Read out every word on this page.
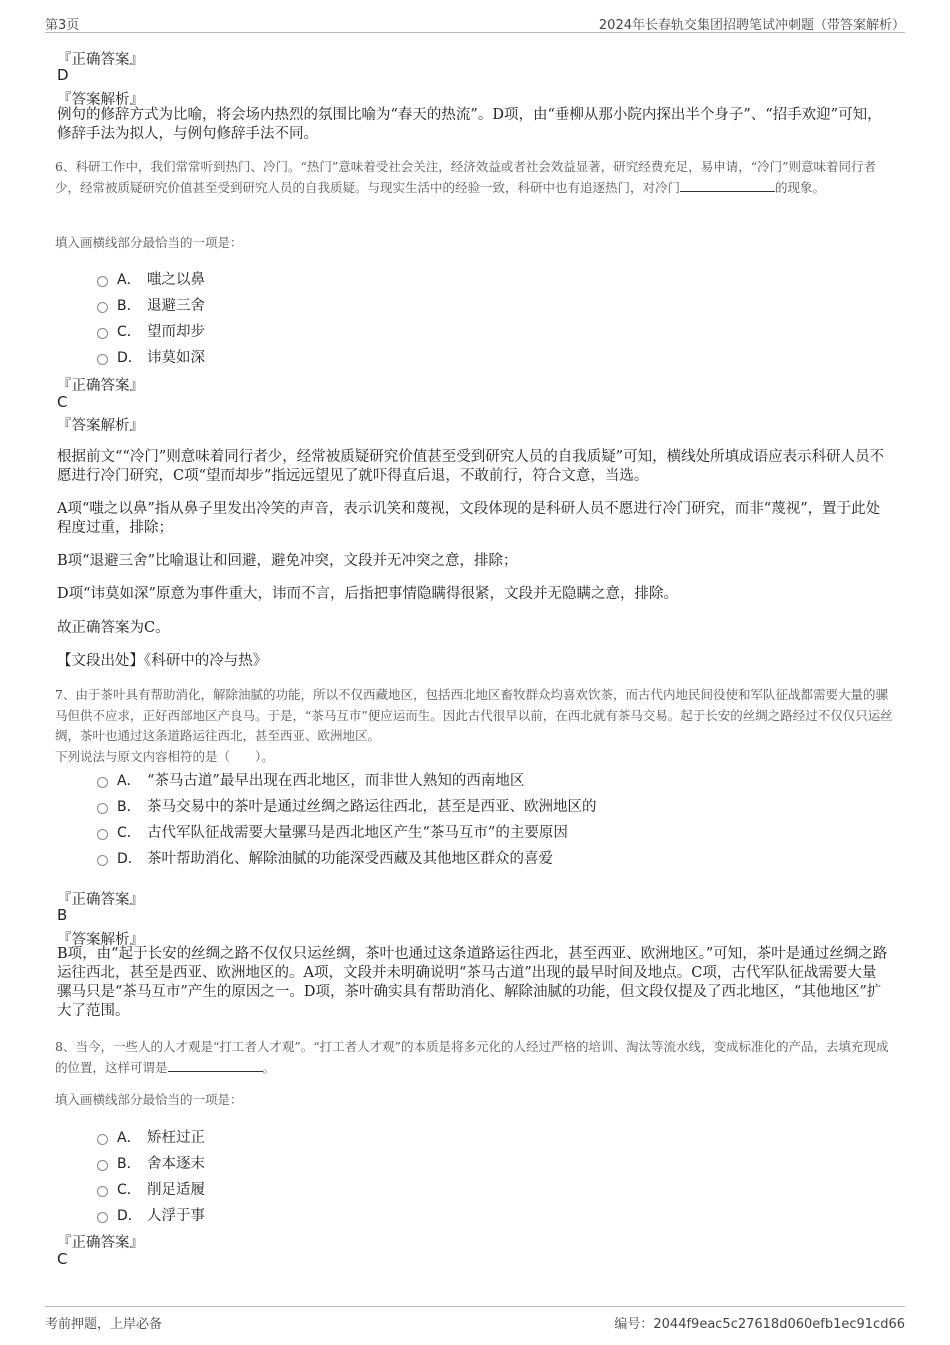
第3页	2024年长春轨交集团招聘笔试冲刺题（带答案解析）
『正确答案』
D
『答案解析』
例句的修辞方式为比喻，将会场内热烈的氛围比喻为“春天的热流”。D项，由“垂柳从那小院内探出半个身子”、“招手欢迎”可知，修辞手法为拟人，与例句修辞手法不同。
6、科研工作中，我们常常听到热门、冷门。“热门”意味着受社会关注，经济效益或者社会效益显著，研究经费充足，易申请，“冷门”则意味着同行者少，经常被质疑研究价值甚至受到研究人员的自我质疑。与现实生活中的经验一致，科研中也有追逐热门，对冷门	的现象。
填入画横线部分最恰当的一项是：
A． 嗤之以鼻
B． 退避三舍
C． 望而却步
D． 讳莫如深
『正确答案』
C
『答案解析』
根据前文““冷门”则意味着同行者少，经常被质疑研究价值甚至受到研究人员的自我质疑”可知，横线处所填成语应表示科研人员不愿进行冷门研究，C项“望而却步”指远远望见了就吓得直后退，不敢前行，符合文意，当选。
A项“嗤之以鼻”指从鼻子里发出冷笑的声音，表示讥笑和蔑视，文段体现的是科研人员不愿进行冷门研究，而非“蔑视”，置于此处程度过重，排除；
B项“退避三舍”比喻退让和回避，避免冲突，文段并无冲突之意，排除；
D项“讳莫如深”原意为事件重大，讳而不言，后指把事情隐瞒得很紧，文段并无隐瞒之意，排除。
故正确答案为C。
【文段出处】《科研中的冷与热》
7、由于茶叶具有帮助消化，解除油腻的功能，所以不仅西藏地区，包括西北地区畜牧群众均喜欢饮茶，而古代内地民间役使和军队征战都需要大量的骡马但供不应求，正好西部地区产良马。于是，“茶马互市”便应运而生。因此古代很早以前，在西北就有茶马交易。起于长安的丝绸之路经过不仅仅只运丝绸，茶叶也通过这条道路运往西北，甚至西亚、欧洲地区。
下列说法与原文内容相符的是（　　）。
A． “茶马古道”最早出现在西北地区，而非世人熟知的西南地区
B． 茶马交易中的茶叶是通过丝绸之路运往西北，甚至是西亚、欧洲地区的
C． 古代军队征战需要大量骡马是西北地区产生“茶马互市”的主要原因
D． 茶叶帮助消化、解除油腻的功能深受西藏及其他地区群众的喜爱
『正确答案』
B
『答案解析』
B项，由“起于长安的丝绸之路不仅仅只运丝绸，茶叶也通过这条道路运往西北，甚至西亚、欧洲地区。”可知，茶叶是通过丝绸之路运往西北，甚至是西亚、欧洲地区的。A项，文段并未明确说明“茶马古道”出现的最早时间及地点。C项，古代军队征战需要大量骡马只是“茶马互市”产生的原因之一。D项，茶叶确实具有帮助消化、解除油腻的功能，但文段仅提及了西北地区，“其他地区”扩大了范围。
8、当今，一些人的人才观是“打工者人才观”。“打工者人才观”的本质是将多元化的人经过严格的培训、淘汰等流水线，变成标准化的产品，去填充现成的位置，这样可谓是	。
填入画横线部分最恰当的一项是：
A． 矫枉过正
B． 舍本逐末
C． 削足适履
D． 人浮于事
『正确答案』
C
考前押题，上岸必备	编号：2044f9eac5c27618d060efb1ec91cd66
